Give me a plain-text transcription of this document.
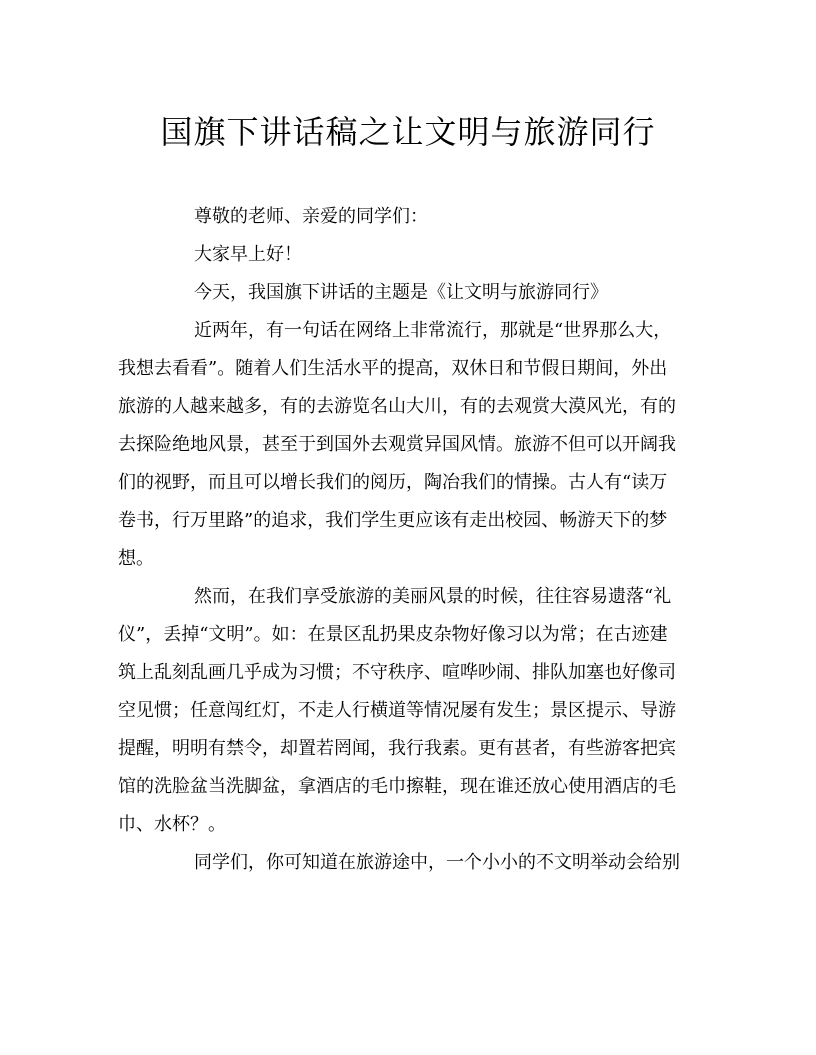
国旗下讲话稿之让文明与旅游同行

尊敬的老师、亲爱的同学们：

大家早上好！

今天，我国旗下讲话的主题是《让文明与旅游同行》

近两年，有一句话在网络上非常流行，那就是“世界那么大，

我想去看看”。随着人们生活水平的提高，双休日和节假日期间，外出

旅游的人越来越多，有的去游览名山大川，有的去观赏大漠风光，有的

去探险绝地风景，甚至于到国外去观赏异国风情。旅游不但可以开阔我

们的视野，而且可以增长我们的阅历，陶冶我们的情操。古人有“读万

卷书，行万里路”的追求，我们学生更应该有走出校园、畅游天下的梦

想。

然而，在我们享受旅游的美丽风景的时候，往往容易遗落“礼

仪”，丢掉“文明”。如：在景区乱扔果皮杂物好像习以为常；在古迹建

筑上乱刻乱画几乎成为习惯；不守秩序、喧哗吵闹、排队加塞也好像司

空见惯；任意闯红灯，不走人行横道等情况屡有发生；景区提示、导游

提醒，明明有禁令，却置若罔闻，我行我素。更有甚者，有些游客把宾

馆的洗脸盆当洗脚盆，拿酒店的毛巾擦鞋，现在谁还放心使用酒店的毛

巾、水杯？。

同学们，你可知道在旅游途中，一个小小的不文明举动会给别
